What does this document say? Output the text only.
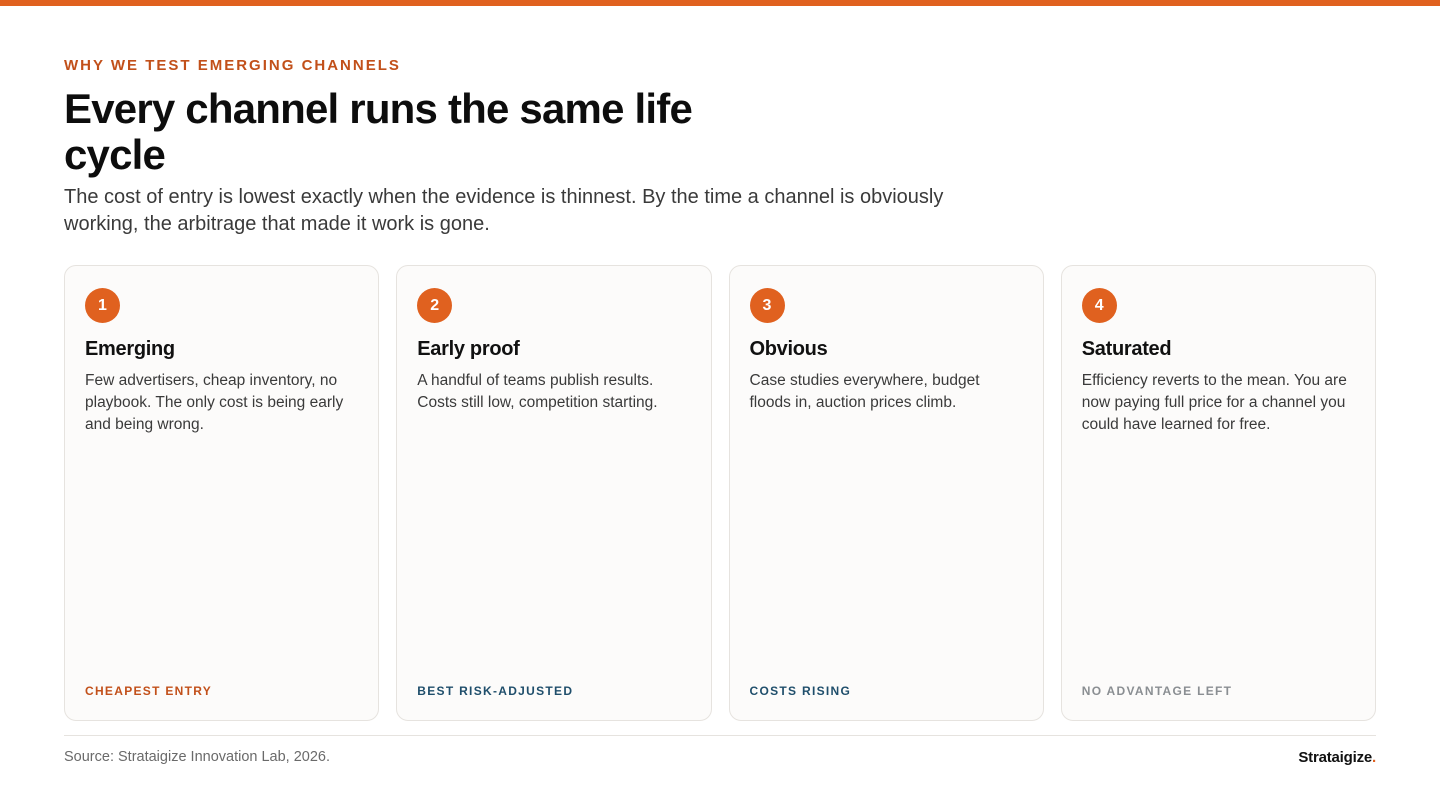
WHY WE TEST EMERGING CHANNELS
Every channel runs the same life cycle

The cost of entry is lowest exactly when the evidence is thinnest. By the time a channel is obviously working, the arbitrage that made it work is gone.

1
Emerging
Few advertisers, cheap inventory, no playbook. The only cost is being early and being wrong.
CHEAPEST ENTRY
2
Early proof
A handful of teams publish results. Costs still low, competition starting.
BEST RISK-ADJUSTED
3
Obvious
Case studies everywhere, budget floods in, auction prices climb.
COSTS RISING
4
Saturated
Efficiency reverts to the mean. You are now paying full price for a channel you could have learned for free.
NO ADVANTAGE LEFT
Source: Strataigize Innovation Lab, 2026.	Strataigize.
